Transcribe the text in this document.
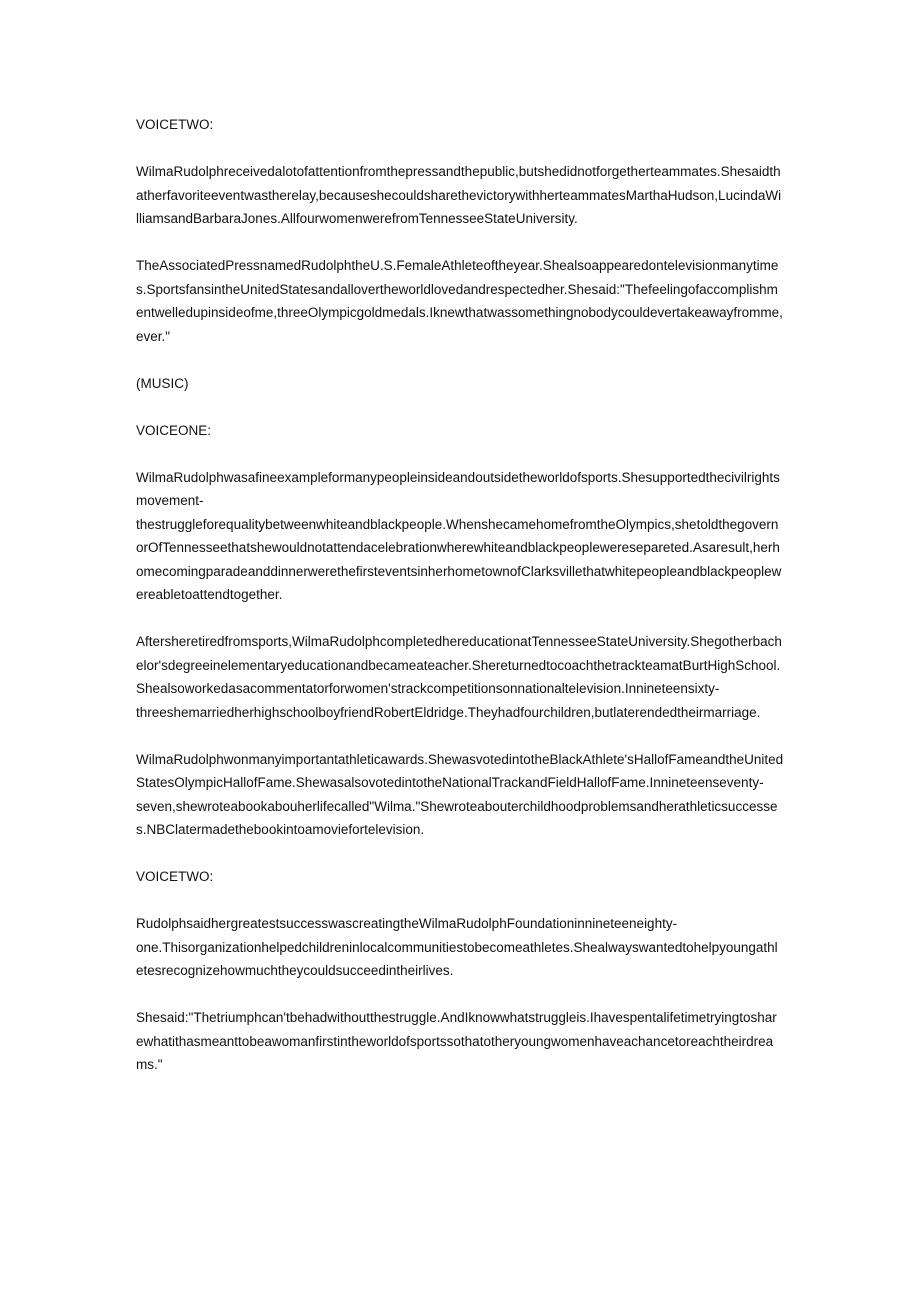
VOICETWO:

WilmaRudolphreceivedalotofattentionfromthepressandthepublic,butshedidnotforgetherteammates.Shesaidthatherfavoriteeventwastherelay,becauseshecouldsharethevictorywithherteammatesMarthaHudson,LucindaWilliamsandBarbaraJones.AllfourwomenwerefromTennesseeStateUniversity.

TheAssociatedPressnamedRudolphtheU.S.FemaleAthleteoftheyear.Shealsoappearedontelevisionmanytimes.SportsfansintheUnitedStatesandallovertheworldlovedandrespectedher.Shesaid:"Thefeelingofaccomplishmentwelledupinsideofme,threeOlympicgoldmedals.Iknewthatwassomethingnobodycouldevertakeawayfromme,ever."

(MUSIC)

VOICEONE:

WilmaRudolphwasafineexampleformanypeopleinsideandoutsidetheworldofsports.Shesupportedthecivilrightsmovement-
thestruggleforequalitybetweenwhiteandblackpeople.WhenshecamehomefromtheOlympics,shetoldthegovernorOfTennesseethatshewouldnotattendacelebrationwherewhiteandblackpeopleweresepareted.Asaresult,herhomecomingparadeanddinnerwerethefirsteventsinherhometownofClarksvillethatwhitepeopleandblackpeoplewereabletoattendtogether.

Aftersheretiredfromsports,WilmaRudolphcompletedhereducationatTennesseeStateUniversity.Shegotherbachelor'sdegreeinelementaryeducationandbecameateacher.ShereturnedtocoachthetrackteamatBurtHighSchool.Shealsoworkedasacommentatorforwomen'strackcompetitionsonnationaltelevision.Innineteensixty-
threeshemarriedherhighschoolboyfriendRobertEldridge.Theyhadfourchildren,butlaterendedtheirmarriage.

WilmaRudolphwonmanyimportantathleticawards.ShewasvotedintotheBlackAthlete'sHallofFameandtheUnitedStatesOlympicHallofFame.ShewasalsovotedintotheNationalTrackandFieldHallofFame.Innineteenseventy-
seven,shewroteabookabouherlifecalled"Wilma."Shewroteabouterchildhoodproblemsandherathleticsuccesses.NBClatermadethebookintoamoviefortelevision.

VOICETWO:

RudolphsaidhergreatestsuccesswascreatingtheWilmaRudolphFoundationinnineteeneighty-
one.Thisorganizationhelpedchildreninlocalcommunitiestobecomeathletes.Shealwayswantedtohelpyoungathletesrecognizehowmuchtheycouldsucceedintheirlives.

Shesaid:"Thetriumphcan'tbehadwithoutthestruggle.AndIknowwhatstruggleis.Ihavespentalifetimetryingtosharewhatithasmeanttobeawomanfirstintheworldofsportssothatotheryoungwomenhaveachancetoreachtheirdreams."
